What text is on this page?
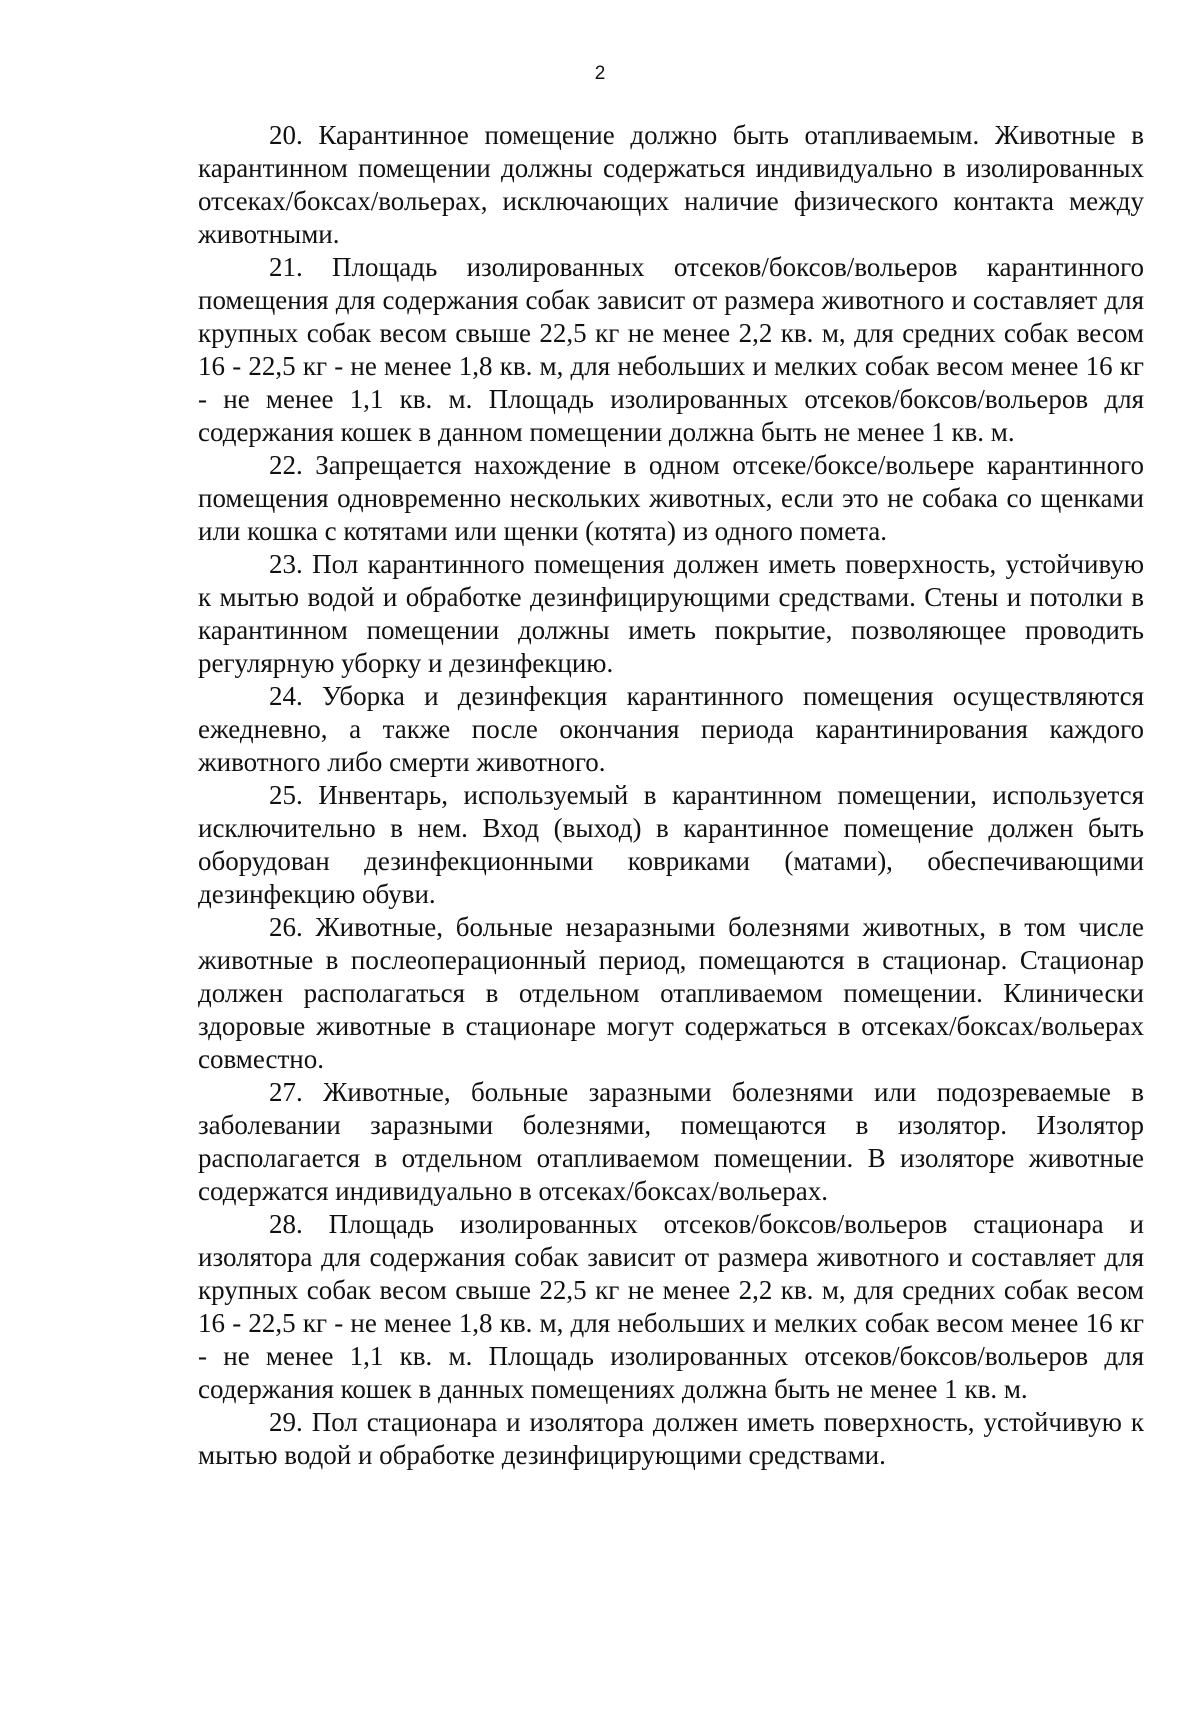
2

20. Карантинное помещение должно быть отапливаемым. Животные в карантинном помещении должны содержаться индивидуально в изолированных отсеках/боксах/вольерах, исключающих наличие физического контакта между животными.

21. Площадь изолированных отсеков/боксов/вольеров карантинного помещения для содержания собак зависит от размера животного и составляет для крупных собак весом свыше 22,5 кг не менее 2,2 кв. м, для средних собак весом 16 - 22,5 кг - не менее 1,8 кв. м, для небольших и мелких собак весом менее 16 кг - не менее 1,1 кв. м. Площадь изолированных отсеков/боксов/вольеров для содержания кошек в данном помещении должна быть не менее 1 кв. м.

22. Запрещается нахождение в одном отсеке/боксе/вольере карантинного помещения одновременно нескольких животных, если это не собака со щенками или кошка с котятами или щенки (котята) из одного помета.

23. Пол карантинного помещения должен иметь поверхность, устойчивую к мытью водой и обработке дезинфицирующими средствами. Стены и потолки в карантинном помещении должны иметь покрытие, позволяющее проводить регулярную уборку и дезинфекцию.

24. Уборка и дезинфекция карантинного помещения осуществляются ежедневно, а также после окончания периода карантинирования каждого животного либо смерти животного.

25. Инвентарь, используемый в карантинном помещении, используется исключительно в нем. Вход (выход) в карантинное помещение должен быть оборудован дезинфекционными ковриками (матами), обеспечивающими дезинфекцию обуви.

26. Животные, больные незаразными болезнями животных, в том числе животные в послеоперационный период, помещаются в стационар. Стационар должен располагаться в отдельном отапливаемом помещении. Клинически здоровые животные в стационаре могут содержаться в отсеках/боксах/вольерах совместно.

27. Животные, больные заразными болезнями или подозреваемые в заболевании заразными болезнями, помещаются в изолятор. Изолятор располагается в отдельном отапливаемом помещении. В изоляторе животные содержатся индивидуально в отсеках/боксах/вольерах.

28. Площадь изолированных отсеков/боксов/вольеров стационара и изолятора для содержания собак зависит от размера животного и составляет для крупных собак весом свыше 22,5 кг не менее 2,2 кв. м, для средних собак весом 16 - 22,5 кг - не менее 1,8 кв. м, для небольших и мелких собак весом менее 16 кг - не менее 1,1 кв. м. Площадь изолированных отсеков/боксов/вольеров для содержания кошек в данных помещениях должна быть не менее 1 кв. м.

29. Пол стационара и изолятора должен иметь поверхность, устойчивую к мытью водой и обработке дезинфицирующими средствами.
